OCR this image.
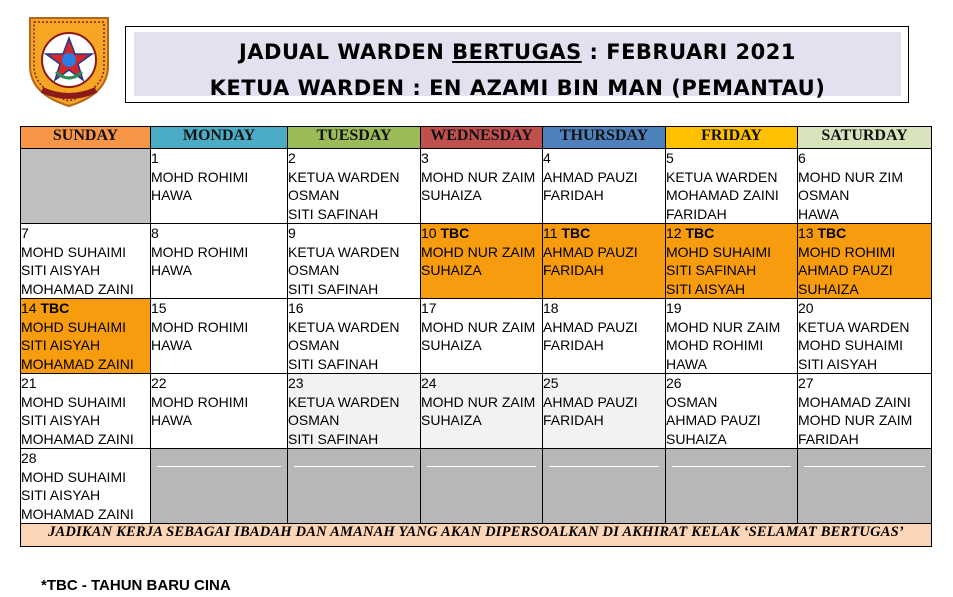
JADUAL WARDEN BERTUGAS : FEBRUARI 2021
KETUA WARDEN : EN AZAMI BIN MAN (PEMANTAU)
SUNDAY	MONDAY	TUESDAY	WEDNESDAY	THURSDAY	FRIDAY	SATURDAY

	1
MOHD ROHIMI
HAWA	2
KETUA WARDEN
OSMAN
SITI SAFINAH	3
MOHD NUR ZAIM
SUHAIZA	4
AHMAD PAUZI
FARIDAH	5
KETUA WARDEN
MOHAMAD ZAINI
FARIDAH	6
MOHD NUR ZIM
OSMAN
HAWA

7
MOHD SUHAIMI
SITI AISYAH
MOHAMAD ZAINI	8
MOHD ROHIMI
HAWA	9
KETUA WARDEN
OSMAN
SITI SAFINAH	10 TBC
MOHD NUR ZAIM
SUHAIZA	11 TBC
AHMAD PAUZI
FARIDAH	12 TBC
MOHD SUHAIMI
SITI SAFINAH
SITI AISYAH	13 TBC
MOHD ROHIMI
AHMAD PAUZI
SUHAIZA

14 TBC
MOHD SUHAIMI
SITI AISYAH
MOHAMAD ZAINI	15
MOHD ROHIMI
HAWA	16
KETUA WARDEN
OSMAN
SITI SAFINAH	17
MOHD NUR ZAIM
SUHAIZA	18
AHMAD PAUZI
FARIDAH	19
MOHD NUR ZAIM
MOHD ROHIMI
HAWA	20
KETUA WARDEN
MOHD SUHAIMI
SITI AISYAH

21
MOHD SUHAIMI
SITI AISYAH
MOHAMAD ZAINI	22
MOHD ROHIMI
HAWA	23
KETUA WARDEN
OSMAN
SITI SAFINAH	24
MOHD NUR ZAIM
SUHAIZA	25
AHMAD PAUZI
FARIDAH	26
OSMAN
AHMAD PAUZI
SUHAIZA	27
MOHAMAD ZAINI
MOHD NUR ZAIM
FARIDAH

28
MOHD SUHAIMI
SITI AISYAH
MOHAMAD ZAINI						

JADIKAN KERJA SEBAGAI IBADAH DAN AMANAH YANG AKAN DIPERSOALKAN DI AKHIRAT KELAK ‘SELAMAT BERTUGAS’						
*TBC - TAHUN BARU CINA
